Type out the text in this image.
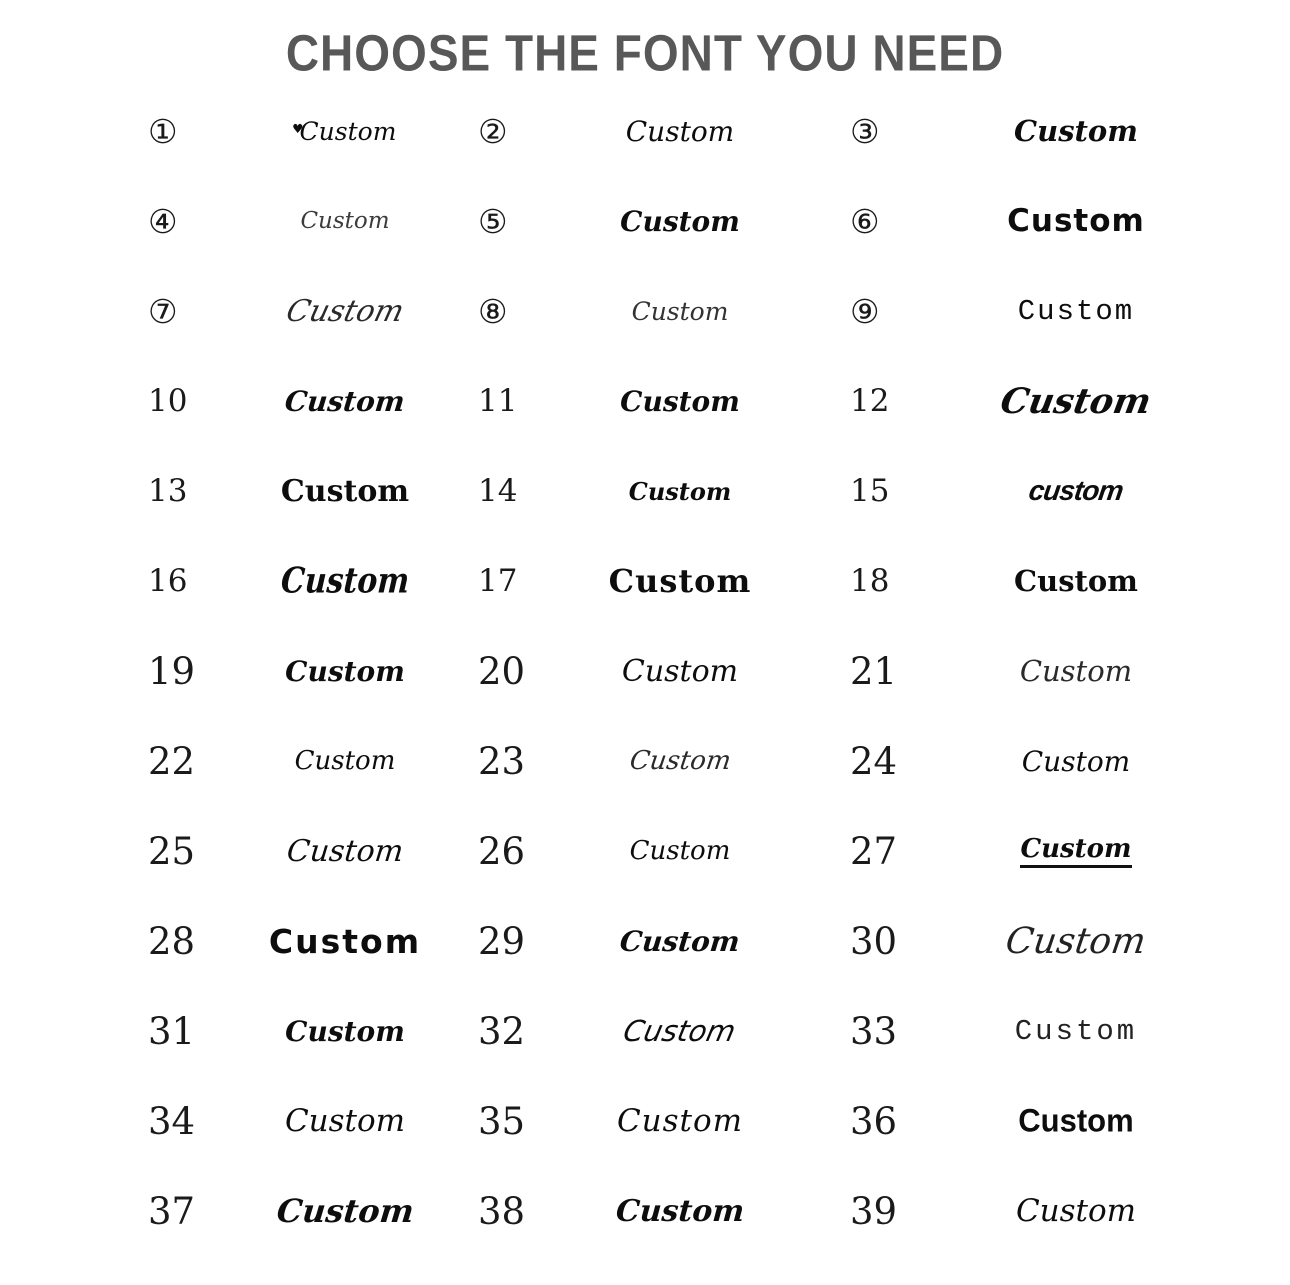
CHOOSE THE FONT YOU NEED
①	♥ Custom	②	Custom	③	Custom
④	Custom	⑤	Custom	⑥	Custom
⑦	Custom	⑧	Custom	⑨	Custom
10	Custom	11	Custom	12	Custom
13	Custom	14	Custom	15	custom
16	Custom	17	Custom	18	Custom
19	Custom	20	Custom	21	Custom
22	Custom	23	Custom	24	Custom
25	Custom	26	Custom	27	Custom
28	Custom	29	Custom	30	Custom
31	Custom	32	Custom	33	Custom
34	Custom	35	Custom	36	Custom
37	Custom	38	Custom	39	Custom
